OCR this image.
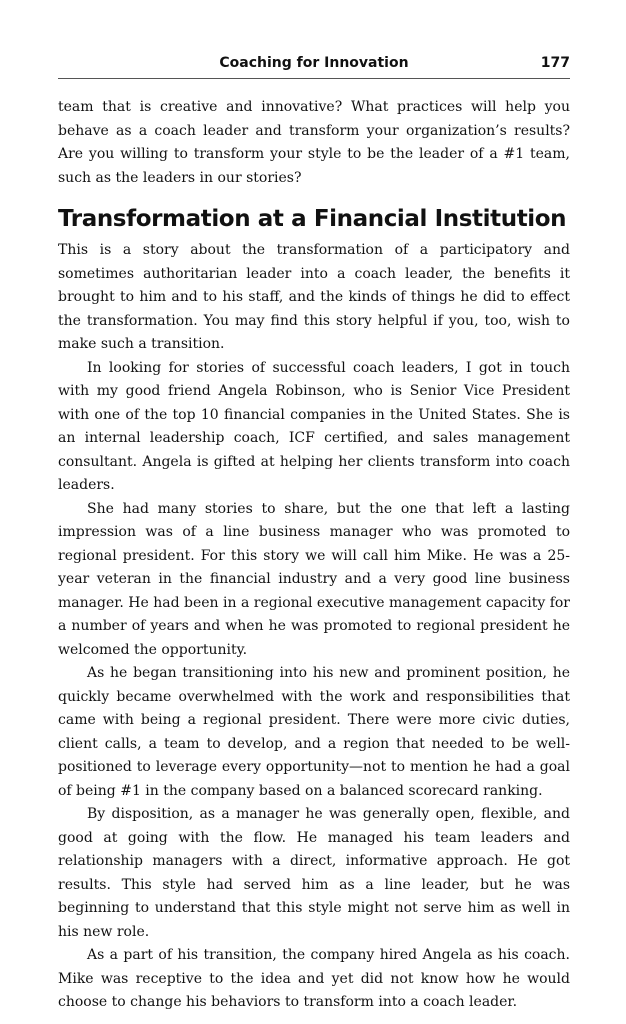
Coaching for Innovation	177

team that is creative and innovative? What practices will help you behave as a coach leader and transform your organization’s results? Are you willing to transform your style to be the leader of a #1 team, such as the leaders in our stories?

Transformation at a Financial Institution

This is a story about the transformation of a participatory and sometimes authoritarian leader into a coach leader, the benefits it brought to him and to his staff, and the kinds of things he did to effect the transformation. You may find this story helpful if you, too, wish to make such a transition.

In looking for stories of successful coach leaders, I got in touch with my good friend Angela Robinson, who is Senior Vice President with one of the top 10 financial companies in the United States. She is an internal leadership coach, ICF certified, and sales management consultant. Angela is gifted at helping her clients transform into coach leaders.

She had many stories to share, but the one that left a lasting impression was of a line business manager who was promoted to regional president. For this story we will call him Mike. He was a 25-year veteran in the financial industry and a very good line business manager. He had been in a regional executive management capacity for a number of years and when he was promoted to regional president he welcomed the opportunity.

As he began transitioning into his new and prominent position, he quickly became overwhelmed with the work and responsibilities that came with being a regional president. There were more civic duties, client calls, a team to develop, and a region that needed to be well-positioned to leverage every opportunity—not to mention he had a goal of being #1 in the company based on a balanced scorecard ranking.

By disposition, as a manager he was generally open, flexible, and good at going with the flow. He managed his team leaders and relationship managers with a direct, informative approach. He got results. This style had served him as a line leader, but he was beginning to understand that this style might not serve him as well in his new role.

As a part of his transition, the company hired Angela as his coach. Mike was receptive to the idea and yet did not know how he would choose to change his behaviors to transform into a coach leader.
